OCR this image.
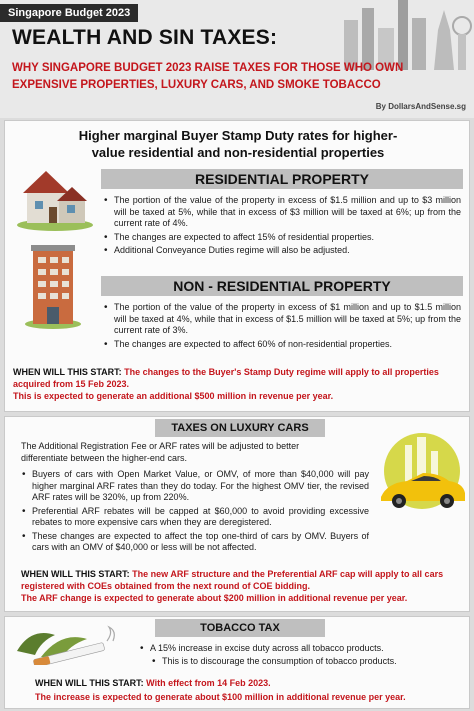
Singapore Budget 2023
WEALTH AND SIN TAXES:
WHY SINGAPORE BUDGET 2023 RAISE TAXES FOR THOSE WHO OWN EXPENSIVE PROPERTIES, LUXURY CARS, AND SMOKE TOBACCO
By DollarsAndSense.sg
Higher marginal Buyer Stamp Duty rates for higher-value residential and non-residential properties
RESIDENTIAL PROPERTY
• The portion of the value of the property in excess of $1.5 million and up to $3 million will be taxed at 5%, while that in excess of $3 million will be taxed at 6%; up from the current rate of 4%.
• The changes are expected to affect 15% of residential properties.
• Additional Conveyance Duties regime will also be adjusted.
NON - RESIDENTIAL PROPERTY
• The portion of the value of the property in excess of $1 million and up to $1.5 million will be taxed at 4%, while that in excess of $1.5 million will be taxed at 5%; up from the current rate of 3%.
• The changes are expected to affect 60% of non-residential properties.
WHEN WILL THIS START: The changes to the Buyer's Stamp Duty regime will apply to all properties acquired from 15 Feb 2023.
This is expected to generate an additional $500 million in revenue per year.
TAXES ON LUXURY CARS
The Additional Registration Fee or ARF rates will be adjusted to better differentiate between the higher-end cars.
• Buyers of cars with Open Market Value, or OMV, of more than $40,000 will pay higher marginal ARF rates than they do today. For the highest OMV tier, the revised ARF rates will be 320%, up from 220%.
• Preferential ARF rebates will be capped at $60,000 to avoid providing excessive rebates to more expensive cars when they are deregistered.
• These changes are expected to affect the top one-third of cars by OMV. Buyers of cars with an OMV of $40,000 or less will be not affected.
WHEN WILL THIS START: The new ARF structure and the Preferential ARF cap will apply to all cars registered with COEs obtained from the next round of COE bidding.
The ARF change is expected to generate about $200 million in additional revenue per year.
TOBACCO TAX
• A 15% increase in excise duty across all tobacco products.
• This is to discourage the consumption of tobacco products.
WHEN WILL THIS START: With effect from 14 Feb 2023.
The increase is expected to generate about $100 million in additional revenue per year.
